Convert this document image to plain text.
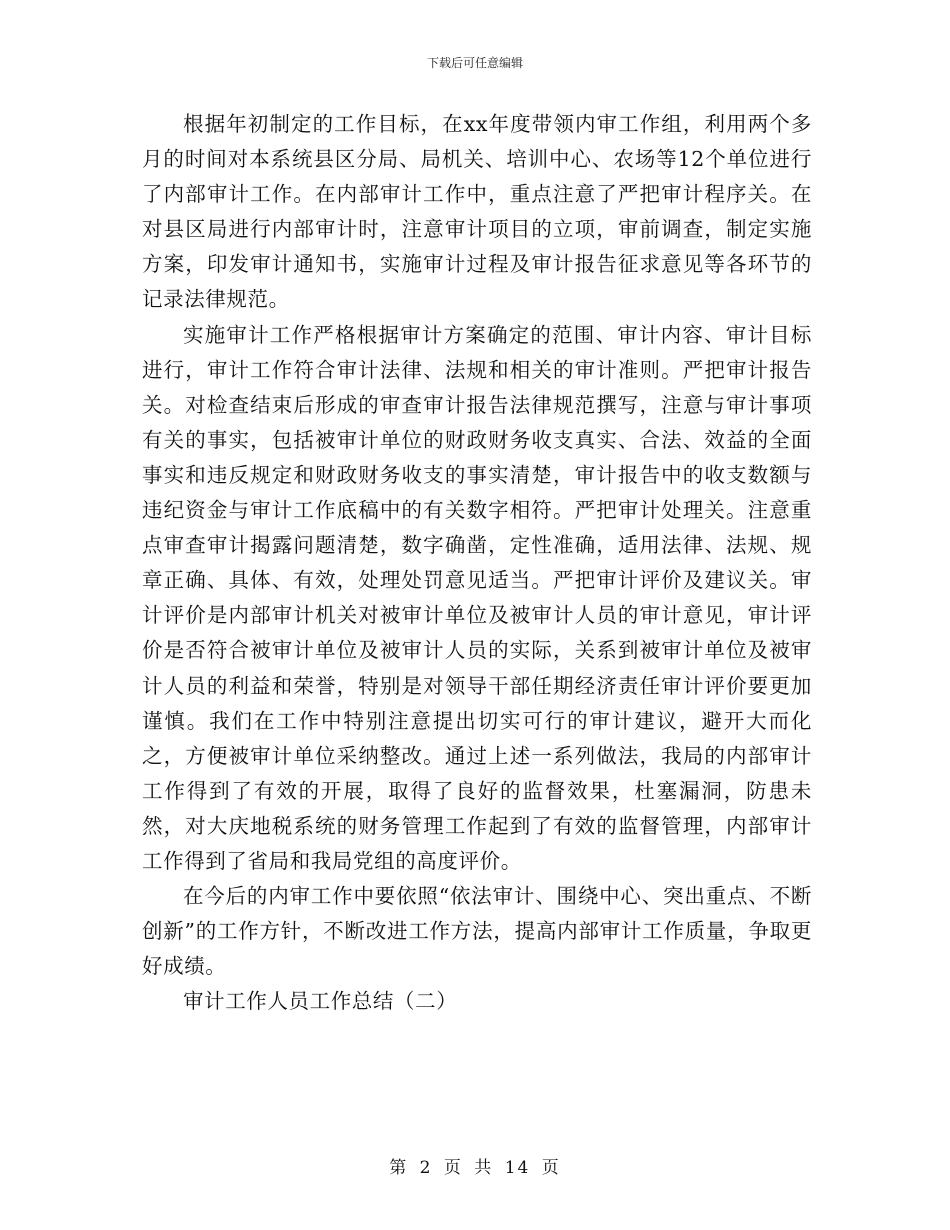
下载后可任意编辑

根据年初制定的工作目标，在xx年度带领内审工作组，利用两个多月的时间对本系统县区分局、局机关、培训中心、农场等12个单位进行了内部审计工作。在内部审计工作中，重点注意了严把审计程序关。在对县区局进行内部审计时，注意审计项目的立项，审前调查，制定实施方案，印发审计通知书，实施审计过程及审计报告征求意见等各环节的记录法律规范。

实施审计工作严格根据审计方案确定的范围、审计内容、审计目标进行，审计工作符合审计法律、法规和相关的审计准则。严把审计报告关。对检查结束后形成的审查审计报告法律规范撰写，注意与审计事项有关的事实，包括被审计单位的财政财务收支真实、合法、效益的全面事实和违反规定和财政财务收支的事实清楚，审计报告中的收支数额与违纪资金与审计工作底稿中的有关数字相符。严把审计处理关。注意重点审查审计揭露问题清楚，数字确凿，定性准确，适用法律、法规、规章正确、具体、有效，处理处罚意见适当。严把审计评价及建议关。审计评价是内部审计机关对被审计单位及被审计人员的审计意见，审计评价是否符合被审计单位及被审计人员的实际，关系到被审计单位及被审计人员的利益和荣誉，特别是对领导干部任期经济责任审计评价要更加谨慎。我们在工作中特别注意提出切实可行的审计建议，避开大而化之，方便被审计单位采纳整改。通过上述一系列做法，我局的内部审计工作得到了有效的开展，取得了良好的监督效果，杜塞漏洞，防患未然，对大庆地税系统的财务管理工作起到了有效的监督管理，内部审计工作得到了省局和我局党组的高度评价。

在今后的内审工作中要依照“依法审计、围绕中心、突出重点、不断创新”的工作方针，不断改进工作方法，提高内部审计工作质量，争取更好成绩。

审计工作人员工作总结（二）

第 2 页 共 14 页
